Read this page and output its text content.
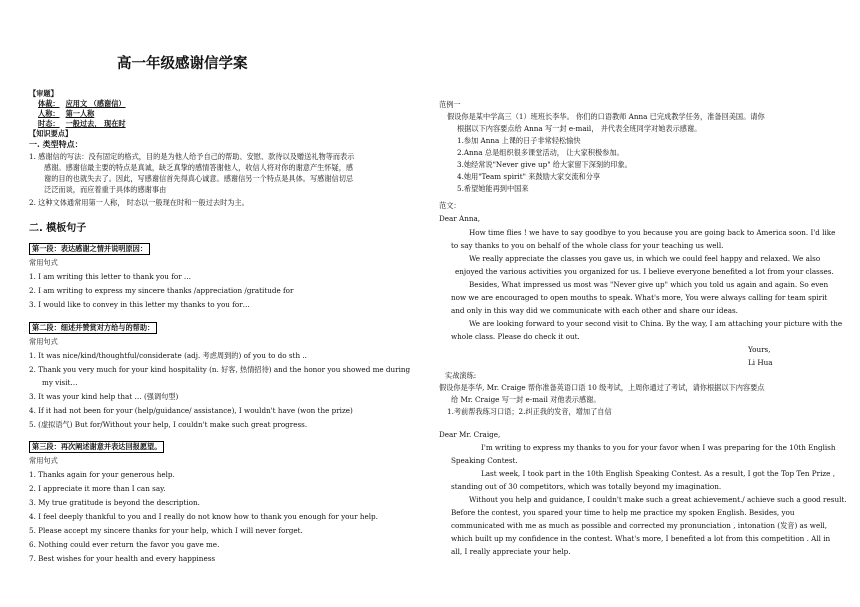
高一年级感谢信学案
【审题】
体裁： 应用文 （感谢信）
人称： 第一人称
时态： 一般过去， 现在时
【知识要点】
一. 类型特点：
1. 感谢信的写法：没有固定的格式，目的是为他人给予自己的帮助、安慰、款待以及赠送礼物等而表示
感谢。感谢信最主要的特点是真诚，缺乏真挚的感情答谢他人，收信人将对你的谢意产生怀疑，感
谢的目的也就失去了。因此，写感谢信首先得真心诚意。感谢信另一个特点是具体。写感谢信切忌
泛泛而谈，而应着重于具体的感谢事由
2. 这种文体通常用第一人称， 时态以一般现在时和一般过去时为主。
二. 模板句子
第一段：表达感谢之情并说明原因：
常用句式
1. I am writing this letter to thank you for …
2. I am writing to express my sincere thanks /appreciation /gratitude for
3. I would like to convey in this letter my thanks to you for…
第二段：细述并赞赏对方给与的帮助：
常用句式
1. It was nice/kind/thoughtful/considerate (adj. 考虑周到的) of you to do sth ..
2. Thank you very much for your kind hospitality (n. 好客, 热情招待) and the honor you showed me during
my visit…
3. It was your kind help that … (强调句型)
4. If it had not been for your (help/guidance/ assistance), I wouldn't have (won the prize)
5. (虚拟语气) But for/Without your help, I couldn't make such great progress.
第三段：再次阐述谢意并表达回报愿望。
常用句式
1. Thanks again for your generous help.
2. I appreciate it more than I can say.
3. My true gratitude is beyond the description.
4. I feel deeply thankful to you and I really do not know how to thank you enough for your help.
5. Please accept my sincere thanks for your help, which I will never forget.
6. Nothing could ever return the favor you gave me.
7. Best wishes for your health and every happiness
范例一
假设你是某中学高三（1）班班长李华。 你们的口语教师 Anna 已完成教学任务，准备回美国。请你
根据以下内容要点给 Anna 写一封 e-mail， 并代表全班同学对她表示感谢。
1.参加 Anna 上课的日子非常轻松愉快
2.Anna 总是组织很多课堂活动， 让大家积极参加。
3.她经常说"Never give up" 给大家留下深刻的印象。
4.她用"Team spirit" 来鼓励大家交流和分享
5.希望她能再到中国来
范文：
Dear Anna,
How time flies ! we have to say goodbye to you because you are going back to America soon. I'd like
to say thanks to you on behalf of the whole class for your teaching us well.
We really appreciate the classes you gave us, in which we could feel happy and relaxed. We also
enjoyed the various activities you organized for us. I believe everyone benefited a lot from your classes.
Besides, What impressed us most was "Never give up" which you told us again and again. So even
now we are encouraged to open mouths to speak. What's more, You were always calling for team spirit
and only in this way did we communicate with each other and share our ideas.
We are looking forward to your second visit to China. By the way, I am attaching your picture with the
whole class. Please do check it out.
Yours,
Li Hua
实战演练:
假设你是李华, Mr. Craige 帮你准备英语口语 10 级考试，上周你通过了考试，请你根据以下内容要点
给 Mr. Craige 写一封 e-mail 对他表示感谢。
1.考前帮我练习口语；2.纠正我的发音，增加了自信
Dear Mr. Craige,
I'm writing to express my thanks to you for your favor when I was preparing for the 10th English
Speaking Contest.
Last week, I took part in the 10th English Speaking Contest. As a result, I got the Top Ten Prize ,
standing out of 30 competitors, which was totally beyond my imagination.
Without you help and guidance, I couldn't make such a great achievement./ achieve such a good result.
Before the contest, you spared your time to help me practice my spoken English. Besides, you
communicated with me as much as possible and corrected my pronunciation , intonation (发音) as well,
which built up my confidence in the contest. What's more, I benefited a lot from this competition . All in
all, I really appreciate your help.
